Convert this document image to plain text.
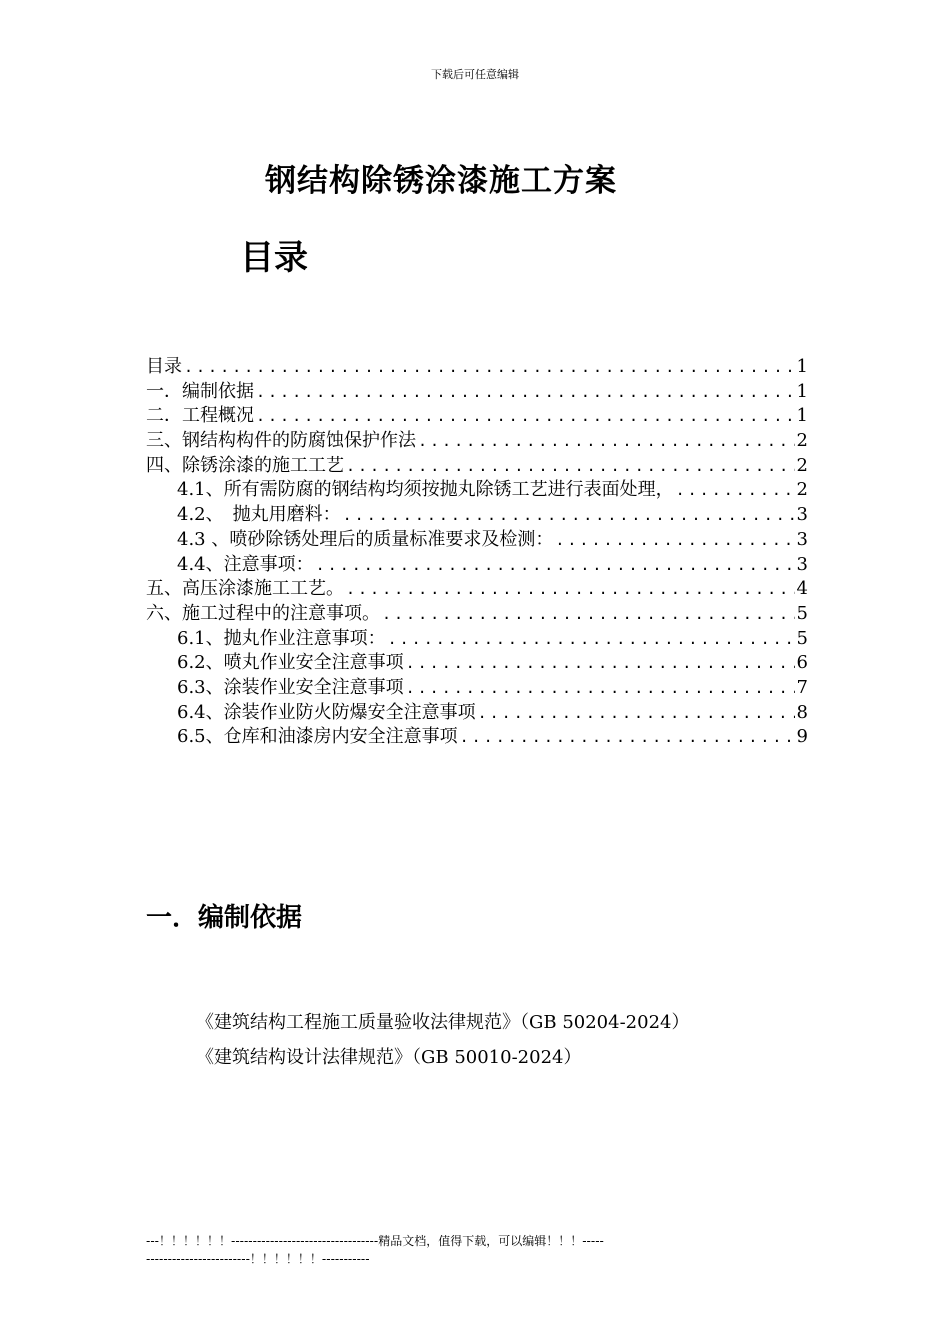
下载后可任意编辑
钢结构除锈涂漆施工方案
目录
目录 .....	1
一．编制依据 .....	1
二．工程概况 .....	1
三、钢结构构件的防腐蚀保护作法 .....	2
四、除锈涂漆的施工工艺 .....	2
4.1、所有需防腐的钢结构均须按抛丸除锈工艺进行表面处理， .....	2
4.2、　抛丸用磨料： .....	3
4.3 、喷砂除锈处理后的质量标准要求及检测： .....	3
4.4、注意事项： .....	3
五、高压涂漆施工工艺。 .....	4
六、施工过程中的注意事项。 .....	5
6.1、抛丸作业注意事项： .....	5
6.2、喷丸作业安全注意事项 .....	6
6.3、涂装作业安全注意事项 .....	7
6.4、涂装作业防火防爆安全注意事项 .....	8
6.5、仓库和油漆房内安全注意事项 .....	9
一．编制依据
《建筑结构工程施工质量验收法律规范》（GB 50204-2024）
《建筑结构设计法律规范》（GB 50010-2024）
---！！！！！！----------------------------------精品文档，值得下载，可以编辑！！！-----------------------------！！！！！！-----------
